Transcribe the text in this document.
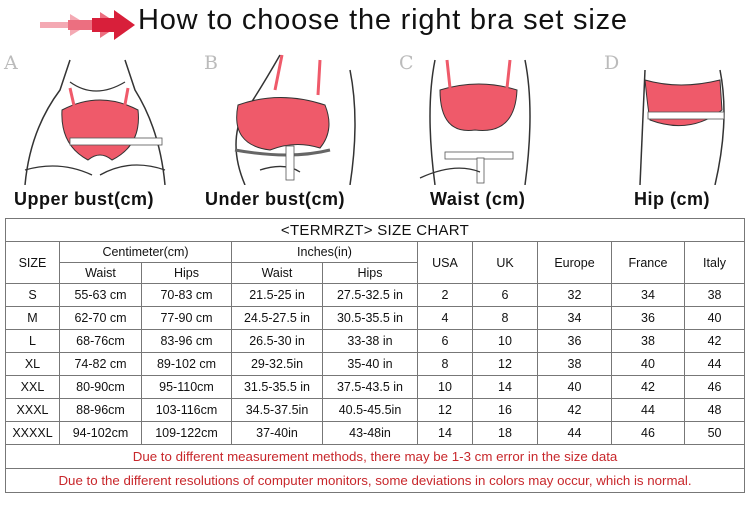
How to choose the right bra set size
A	B	C	D
Upper bust(cm)	Under bust(cm)	Waist (cm)	Hip (cm)
<TERMRZT> SIZE CHART									
SIZE	Centimeter(cm)		Inches(in)		USA	UK	Europe	France	Italy
	Waist	Hips	Waist	Hips					
S	55-63 cm	70-83 cm	21.5-25 in	27.5-32.5 in	2	6	32	34	38
M	62-70 cm	77-90 cm	24.5-27.5 in	30.5-35.5 in	4	8	34	36	40
L	68-76cm	83-96 cm	26.5-30 in	33-38 in	6	10	36	38	42
XL	74-82 cm	89-102 cm	29-32.5in	35-40 in	8	12	38	40	44
XXL	80-90cm	95-110cm	31.5-35.5 in	37.5-43.5 in	10	14	40	42	46
XXXL	88-96cm	103-116cm	34.5-37.5in	40.5-45.5in	12	16	42	44	48
XXXXL	94-102cm	109-122cm	37-40in	43-48in	14	18	44	46	50
Due to different measurement methods, there may be 1-3 cm error in the size data									
Due to the different resolutions of computer monitors, some deviations in colors may occur, which is normal.									
